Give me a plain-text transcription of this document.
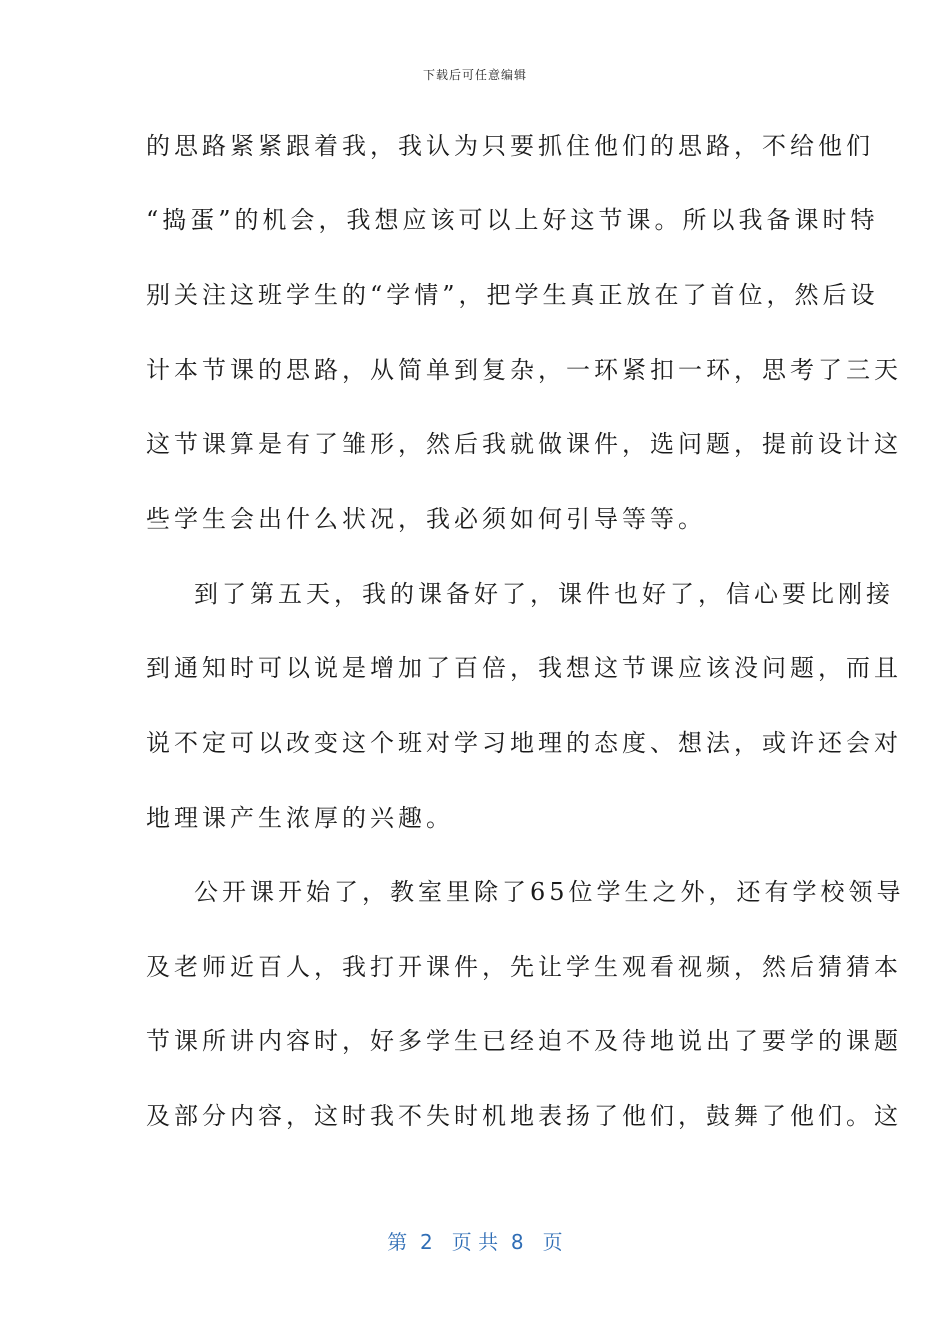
下载后可任意编辑
的思路紧紧跟着我，我认为只要抓住他们的思路，不给他们
“捣蛋”的机会，我想应该可以上好这节课。所以我备课时特
别关注这班学生的“学情”，把学生真正放在了首位，然后设
计本节课的思路，从简单到复杂，一环紧扣一环，思考了三天
这节课算是有了雏形，然后我就做课件，选问题，提前设计这
些学生会出什么状况，我必须如何引导等等。
到了第五天，我的课备好了，课件也好了，信心要比刚接
到通知时可以说是增加了百倍，我想这节课应该没问题，而且
说不定可以改变这个班对学习地理的态度、想法，或许还会对
地理课产生浓厚的兴趣。
公开课开始了，教室里除了65位学生之外，还有学校领导
及老师近百人，我打开课件，先让学生观看视频，然后猜猜本
节课所讲内容时，好多学生已经迫不及待地说出了要学的课题
及部分内容，这时我不失时机地表扬了他们，鼓舞了他们。这
第  2   页 共  8   页
